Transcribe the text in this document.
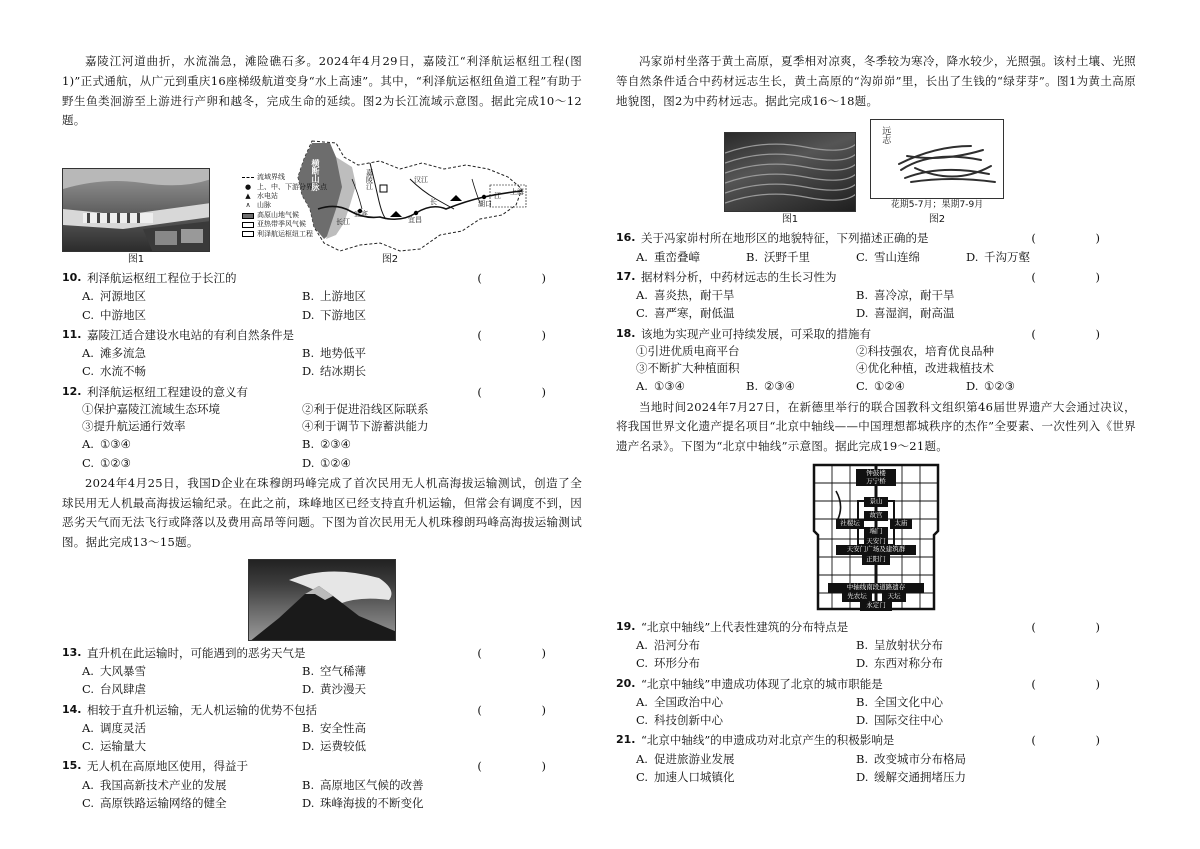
嘉陵江河道曲折，水流湍急，滩险礁石多。2024年4月29日，嘉陵江“利泽航运枢纽工程(图1)”正式通航，从广元到重庆16座梯级航道变身“水上高速”。其中，“利泽航运枢纽鱼道工程”有助于野生鱼类洄游至上游进行产卵和越冬，完成生命的延续。图2为长江流域示意图。据此完成10～12题。

图1
流域界线
● 上、中、下游分界地点
▲ 水电站
∧ 山脉
高原山地气候
亚热带季风气候
利泽航运枢纽工程
横断山脉
宜宾
宜昌
湖口
上海
江
长
嘉陵江
长江
汉江
图2
10. 利泽航运枢纽工程位于长江的	( )
A. 河源地区	B. 上游地区
C. 中游地区	D. 下游地区
11. 嘉陵江适合建设水电站的有利自然条件是	( )
A. 滩多流急	B. 地势低平
C. 水流不畅	D. 结冰期长
12. 利泽航运枢纽工程建设的意义有	( )
①保护嘉陵江流域生态环境	②利于促进沿线区际联系
③提升航运通行效率	④利于调节下游蓄洪能力
A. ①③④	B. ②③④
C. ①②③	D. ①②④

2024年4月25日，我国D企业在珠穆朗玛峰完成了首次民用无人机高海拔运输测试，创造了全球民用无人机最高海拔运输纪录。在此之前，珠峰地区已经支持直升机运输，但常会有调度不到，因恶劣天气而无法飞行或降落以及费用高昂等问题。下图为首次民用无人机珠穆朗玛峰高海拔运输测试图。据此完成13～15题。

13. 直升机在此运输时，可能遇到的恶劣天气是	( )
A. 大风暴雪	B. 空气稀薄
C. 台风肆虐	D. 黄沙漫天
14. 相较于直升机运输，无人机运输的优势不包括	( )
A. 调度灵活	B. 安全性高
C. 运输量大	D. 运费较低
15. 无人机在高原地区使用，得益于	( )
A. 我国高新技术产业的发展	B. 高原地区气候的改善
C. 高原铁路运输网络的健全	D. 珠峰海拔的不断变化

冯家峁村坐落于黄土高原，夏季相对凉爽，冬季较为寒冷，降水较少，光照强。该村土壤、光照等自然条件适合中药材远志生长，黄土高原的“沟峁峁”里，长出了生钱的“绿芽芽”。图1为黄土高原地貌图，图2为中药材远志。据此完成16～18题。

图1
远志
花期5-7月；果期7-9月
图2
16. 关于冯家峁村所在地形区的地貌特征，下列描述正确的是	( )
A. 重峦叠嶂	B. 沃野千里	C. 雪山连绵	D. 千沟万壑
17. 据材料分析，中药材远志的生长习性为	( )
A. 喜炎热，耐干旱	B. 喜冷凉，耐干旱
C. 喜严寒，耐低温	D. 喜湿润，耐高温
18. 该地为实现产业可持续发展，可采取的措施有	( )
①引进优质电商平台	②科技强农，培育优良品种
③不断扩大种植面积	④优化种植，改进栽植技术
A. ①③④	B. ②③④	C. ①②④	D. ①②③

当地时间2024年7月27日，在新德里举行的联合国教科文组织第46届世界遗产大会通过决议，将我国世界文化遗产提名项目“北京中轴线——中国理想都城秩序的杰作”全要素、一次性列入《世界遗产名录》。下图为“北京中轴线”示意图。据此完成19～21题。

钟鼓楼
万宁桥
景山
故宫
太庙
社稷坛
端门
天安门
天安门广场及建筑群
正阳门
中轴线南段道路遗存
先农坛	天坛
永定门
19. “北京中轴线”上代表性建筑的分布特点是	( )
A. 沿河分布	B. 呈放射状分布
C. 环形分布	D. 东西对称分布
20. “北京中轴线”申遗成功体现了北京的城市职能是	( )
A. 全国政治中心	B. 全国文化中心
C. 科技创新中心	D. 国际交往中心
21. “北京中轴线”的申遗成功对北京产生的积极影响是	( )
A. 促进旅游业发展	B. 改变城市分布格局
C. 加速人口城镇化	D. 缓解交通拥堵压力
